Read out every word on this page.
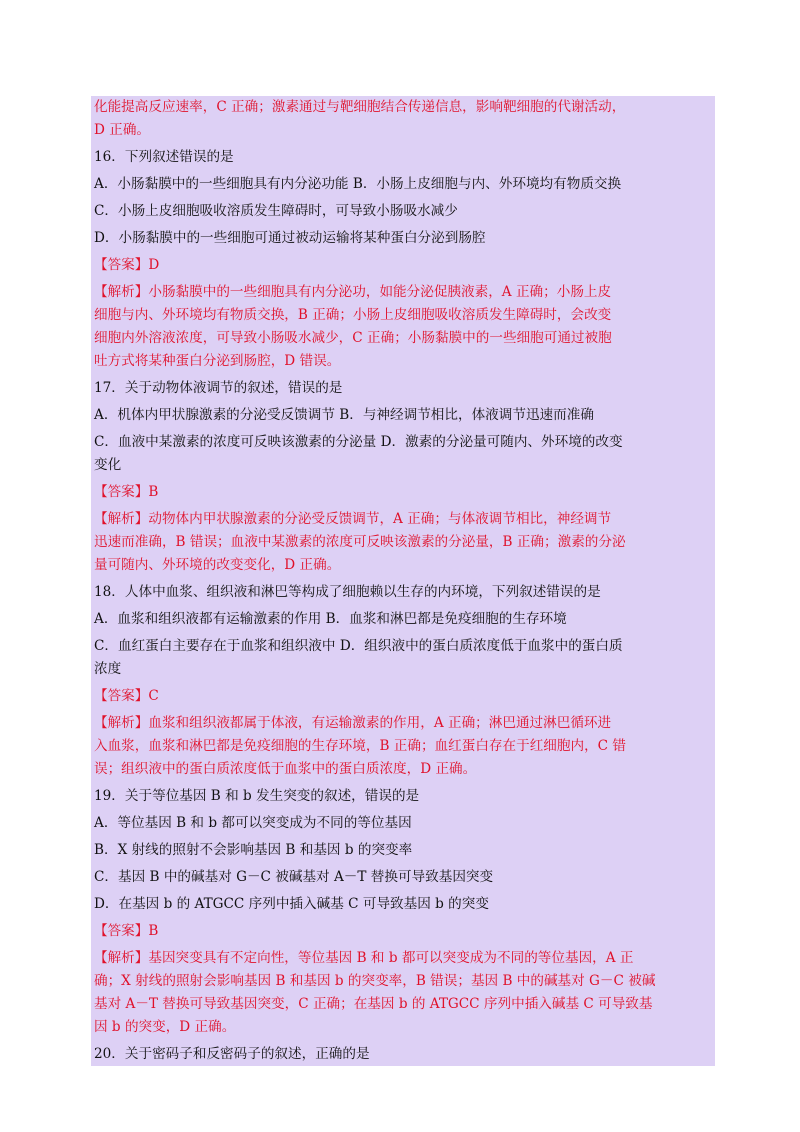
化能提高反应速率，C 正确；激素通过与靶细胞结合传递信息，影响靶细胞的代谢活动，
D 正确。
16．下列叙述错误的是
A．小肠黏膜中的一些细胞具有内分泌功能 B．小肠上皮细胞与内、外环境均有物质交换
C．小肠上皮细胞吸收溶质发生障碍时，可导致小肠吸水减少
D．小肠黏膜中的一些细胞可通过被动运输将某种蛋白分泌到肠腔
【答案】D
【解析】小肠黏膜中的一些细胞具有内分泌功，如能分泌促胰液素，A 正确；小肠上皮
细胞与内、外环境均有物质交换，B 正确；小肠上皮细胞吸收溶质发生障碍时，会改变
细胞内外溶液浓度，可导致小肠吸水减少，C 正确；小肠黏膜中的一些细胞可通过被胞
吐方式将某种蛋白分泌到肠腔，D 错误。
17．关于动物体液调节的叙述，错误的是
A．机体内甲状腺激素的分泌受反馈调节 B．与神经调节相比，体液调节迅速而准确
C．血液中某激素的浓度可反映该激素的分泌量 D．激素的分泌量可随内、外环境的改变
变化
【答案】B
【解析】动物体内甲状腺激素的分泌受反馈调节，A 正确；与体液调节相比，神经调节
迅速而准确，B 错误；血液中某激素的浓度可反映该激素的分泌量，B 正确；激素的分泌
量可随内、外环境的改变变化，D 正确。
18．人体中血浆、组织液和淋巴等构成了细胞赖以生存的内环境，下列叙述错误的是
A．血浆和组织液都有运输激素的作用 B．血浆和淋巴都是免疫细胞的生存环境
C．血红蛋白主要存在于血浆和组织液中 D．组织液中的蛋白质浓度低于血浆中的蛋白质
浓度
【答案】C
【解析】血浆和组织液都属于体液，有运输激素的作用，A 正确；淋巴通过淋巴循环进
入血浆，血浆和淋巴都是免疫细胞的生存环境，B 正确；血红蛋白存在于红细胞内，C 错
误；组织液中的蛋白质浓度低于血浆中的蛋白质浓度，D 正确。
19．关于等位基因 B 和 b 发生突变的叙述，错误的是
A．等位基因 B 和 b 都可以突变成为不同的等位基因
B．X 射线的照射不会影响基因 B 和基因 b 的突变率
C．基因 B 中的碱基对 G－C 被碱基对 A－T 替换可导致基因突变
D．在基因 b 的 ATGCC 序列中插入碱基 C 可导致基因 b 的突变
【答案】B
【解析】基因突变具有不定向性，等位基因 B 和 b 都可以突变成为不同的等位基因，A 正
确；X 射线的照射会影响基因 B 和基因 b 的突变率，B 错误；基因 B 中的碱基对 G－C 被碱
基对 A－T 替换可导致基因突变，C 正确；在基因 b 的 ATGCC 序列中插入碱基 C 可导致基
因 b 的突变，D 正确。
20．关于密码子和反密码子的叙述，正确的是
